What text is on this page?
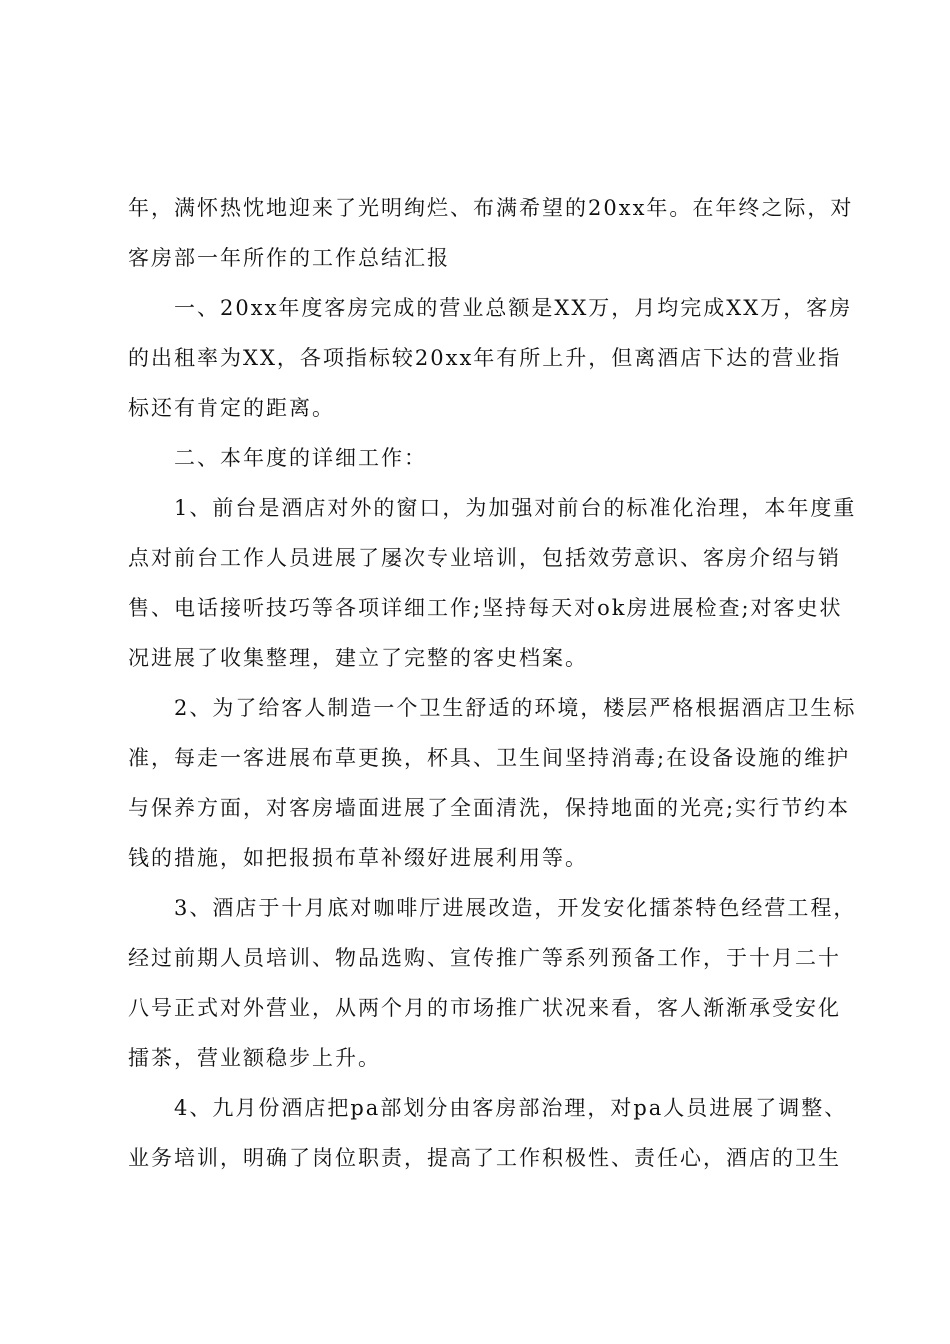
年，满怀热忱地迎来了光明绚烂、布满希望的20xx年。在年终之际，对
客房部一年所作的工作总结汇报
一、20xx年度客房完成的营业总额是XX万，月均完成XX万，客房
的出租率为XX，各项指标较20xx年有所上升，但离酒店下达的营业指
标还有肯定的距离。
二、本年度的详细工作：
1、前台是酒店对外的窗口，为加强对前台的标准化治理，本年度重
点对前台工作人员进展了屡次专业培训，包括效劳意识、客房介绍与销
售、电话接听技巧等各项详细工作;坚持每天对ok房进展检查;对客史状
况进展了收集整理，建立了完整的客史档案。
2、为了给客人制造一个卫生舒适的环境，楼层严格根据酒店卫生标
准，每走一客进展布草更换，杯具、卫生间坚持消毒;在设备设施的维护
与保养方面，对客房墙面进展了全面清洗，保持地面的光亮;实行节约本
钱的措施，如把报损布草补缀好进展利用等。
3、酒店于十月底对咖啡厅进展改造，开发安化擂茶特色经营工程，
经过前期人员培训、物品选购、宣传推广等系列预备工作，于十月二十
八号正式对外营业，从两个月的市场推广状况来看，客人渐渐承受安化
擂茶，营业额稳步上升。
4、九月份酒店把pa部划分由客房部治理，对pa人员进展了调整、
业务培训，明确了岗位职责，提高了工作积极性、责任心，酒店的卫生
